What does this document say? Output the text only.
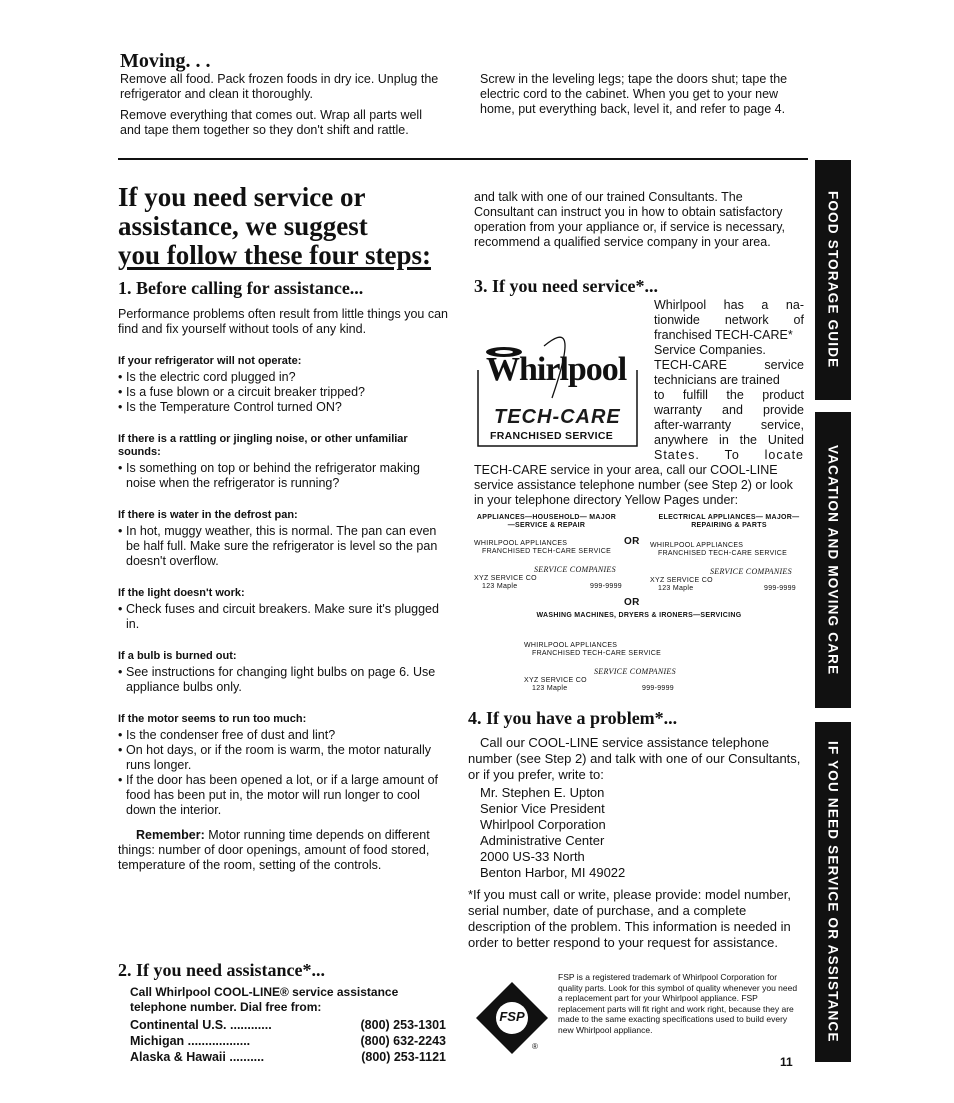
Moving. . .

Remove all food. Pack frozen foods in dry ice. Unplug the refrigerator and clean it thoroughly.

Remove everything that comes out. Wrap all parts well and tape them together so they don't shift and rattle.

Screw in the leveling legs; tape the doors shut; tape the electric cord to the cabinet. When you get to your new home, put everything back, level it, and refer to page 4.

If you need service or
assistance, we suggest
you follow these four steps:
1. Before calling for assistance...

Performance problems often result from little things you can find and fix yourself without tools of any kind.

If your refrigerator will not operate:
• Is the electric cord plugged in?
• Is a fuse blown or a circuit breaker tripped?
• Is the Temperature Control turned ON?
If there is a rattling or jingling noise, or other unfamiliar sounds:
• Is something on top or behind the refrigerator making noise when the refrigerator is running?
If there is water in the defrost pan:
• In hot, muggy weather, this is normal. The pan can even be half full. Make sure the refrigerator is level so the pan doesn't overflow.
If the light doesn't work:
• Check fuses and circuit breakers. Make sure it's plugged in.
If a bulb is burned out:
• See instructions for changing light bulbs on page 6. Use appliance bulbs only.
If the motor seems to run too much:
• Is the condenser free of dust and lint?
• On hot days, or if the room is warm, the motor naturally runs longer.
• If the door has been opened a lot, or if a large amount of food has been put in, the motor will run longer to cool down the interior.

Remember: Motor running time depends on different things: number of door openings, amount of food stored, temperature of the room, setting of the controls.

2. If you need assistance*...

Call Whirlpool COOL-LINE® service assistance telephone number. Dial free from:

Continental U.S. ............	(800) 253-1301
Michigan ..................	(800) 632-2243
Alaska & Hawaii ..........	(800) 253-1121

and talk with one of our trained Consultants. The Consultant can instruct you in how to obtain satisfactory operation from your appliance or, if service is necessary, recommend a qualified service company in your area.

3. If you need service*...
Whirlpool
TECH-CARE
FRANCHISED SERVICE
Whirlpool has a na-
tionwide network of
franchised TECH-CARE*
Service Companies.
TECH-CARE service
technicians are trained
to fulfill the product
warranty and provide
after-warranty service,
anywhere in the United
States. To locate

TECH-CARE service in your area, call our COOL-LINE service assistance telephone number (see Step 2) or look in your telephone directory Yellow Pages under:

APPLIANCES—HOUSEHOLD— MAJOR—SERVICE & REPAIR
ELECTRICAL APPLIANCES— MAJOR—REPAIRING & PARTS
OR
WHIRLPOOL APPLIANCES
FRANCHISED TECH-CARE SERVICE
SERVICE COMPANIES
XYZ SERVICE CO
123 Maple	999-9999
WHIRLPOOL APPLIANCES
FRANCHISED TECH-CARE SERVICE
SERVICE COMPANIES
XYZ SERVICE CO
123 Maple	999-9999
OR
WASHING MACHINES, DRYERS & IRONERS—SERVICING
WHIRLPOOL APPLIANCES
FRANCHISED TECH-CARE SERVICE
SERVICE COMPANIES
XYZ SERVICE CO
123 Maple	999-9999
4. If you have a problem*...

Call our COOL-LINE service assistance telephone number (see Step 2) and talk with one of our Consultants, or if you prefer, write to:

Mr. Stephen E. Upton
Senior Vice President
Whirlpool Corporation
Administrative Center
2000 US-33 North
Benton Harbor, MI 49022

*If you must call or write, please provide: model number, serial number, date of purchase, and a complete description of the problem. This information is needed in order to better respond to your request for assistance.

FSP
®

FSP is a registered trademark of Whirlpool Corporation for quality parts. Look for this symbol of quality whenever you need a replacement part for your Whirlpool appliance. FSP replacement parts will fit right and work right, because they are made to the same exacting specifications used to build every new Whirlpool appliance.

11
FOOD STORAGE GUIDE
VACATION AND MOVING CARE
IF YOU NEED SERVICE OR ASSISTANCE
